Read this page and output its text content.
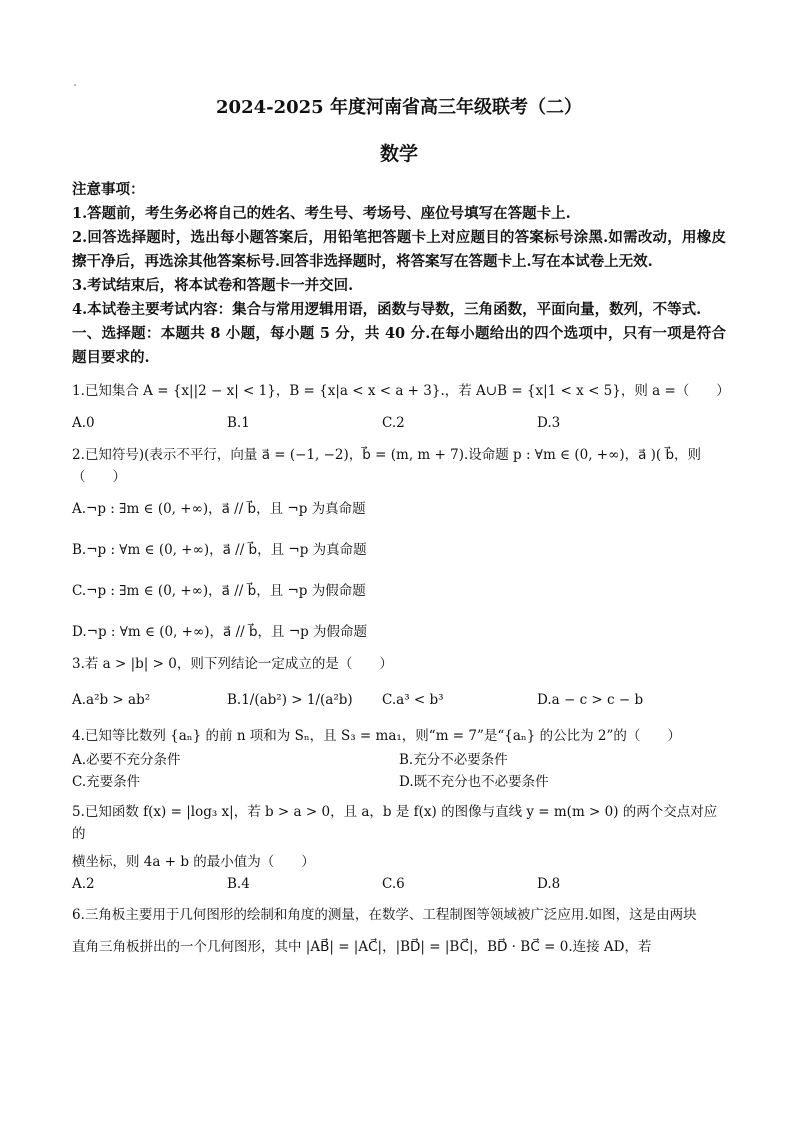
2024-2025 年度河南省高三年级联考（二）
数学

注意事项：

1.答题前，考生务必将自己的姓名、考生号、考场号、座位号填写在答题卡上.

2.回答选择题时，选出每小题答案后，用铅笔把答题卡上对应题目的答案标号涂黑.如需改动，用橡皮擦干净后，再选涂其他答案标号.回答非选择题时，将答案写在答题卡上.写在本试卷上无效.

3.考试结束后，将本试卷和答题卡一并交回.

4.本试卷主要考试内容：集合与常用逻辑用语，函数与导数，三角函数，平面向量，数列，不等式.

一、选择题：本题共 8 小题，每小题 5 分，共 40 分.在每小题给出的四个选项中，只有一项是符合题目要求的.

1.已知集合 A = {x||2 − x| < 1}，B = {x|a < x < a + 3}.，若 A∪B = {x|1 < x < 5}，则 a =（　　）

A.0	B.1	C.2	D.3

2.已知符号)(表示不平行，向量 a⃗ = (−1, −2)，b⃗ = (m, m + 7).设命题 p : ∀m ∈ (0, +∞)，a⃗ )( b⃗，则（　　）

A.¬p : ∃m ∈ (0, +∞)，a⃗ // b⃗，且 ¬p 为真命题

B.¬p : ∀m ∈ (0, +∞)，a⃗ // b⃗，且 ¬p 为真命题

C.¬p : ∃m ∈ (0, +∞)，a⃗ // b⃗，且 ¬p 为假命题

D.¬p : ∀m ∈ (0, +∞)，a⃗ // b⃗，且 ¬p 为假命题

3.若 a > |b| > 0，则下列结论一定成立的是（　　）

A.a²b > ab²	B.1/(ab²) > 1/(a²b)	C.a³ < b³	D.a − c > c − b

4.已知等比数列 {aₙ} 的前 n 项和为 Sₙ，且 S₃ = ma₁，则“m = 7”是“{aₙ} 的公比为 2”的（　　）

A.必要不充分条件	B.充分不必要条件
C.充要条件	D.既不充分也不必要条件

5.已知函数 f(x) = |log₃ x|，若 b > a > 0，且 a，b 是 f(x) 的图像与直线 y = m(m > 0) 的两个交点对应的

横坐标，则 4a + b 的最小值为（　　）

A.2	B.4	C.6	D.8

6.三角板主要用于几何图形的绘制和角度的测量，在数学、工程制图等领域被广泛应用.如图，这是由两块

直角三角板拼出的一个几何图形，其中 |AB⃗| = |AC⃗|，|BD⃗| = |BC⃗|，BD⃗ · BC⃗ = 0.连接 AD，若
